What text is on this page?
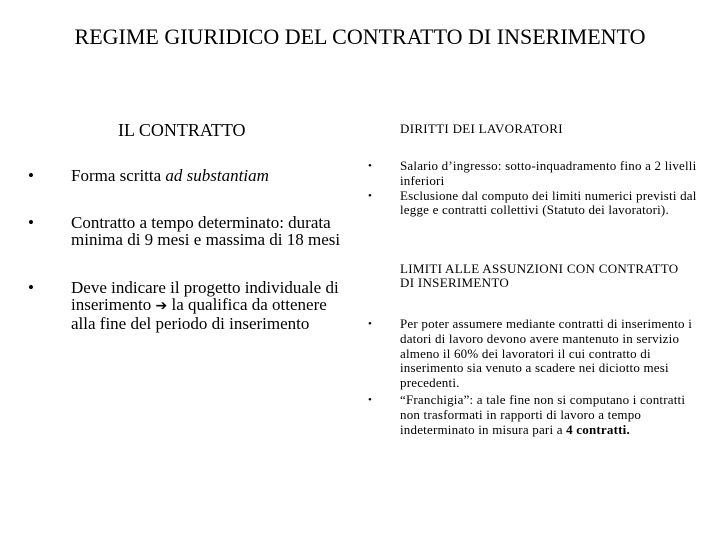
REGIME GIURIDICO DEL CONTRATTO DI INSERIMENTO
IL CONTRATTO
• Forma scritta ad substantiam
• Contratto a tempo determinato: durata minima di 9 mesi e massima di 18 mesi
• Deve indicare il progetto individuale di inserimento ➔ la qualifica da ottenere alla fine del periodo di inserimento
DIRITTI DEI LAVORATORI
• Salario d’ingresso: sotto-inquadramento fino a 2 livelli inferiori
• Esclusione dal computo dei limiti numerici previsti dal legge e contratti collettivi (Statuto dei lavoratori).
LIMITI ALLE ASSUNZIONI CON CONTRATTO DI INSERIMENTO
• Per poter assumere mediante contratti di inserimento i datori di lavoro devono avere mantenuto in servizio almeno il 60% dei lavoratori il cui contratto di inserimento sia venuto a scadere nei diciotto mesi precedenti.
• “Franchigia”: a tale fine non si computano i contratti non trasformati in rapporti di lavoro a tempo indeterminato in misura pari a 4 contratti.
